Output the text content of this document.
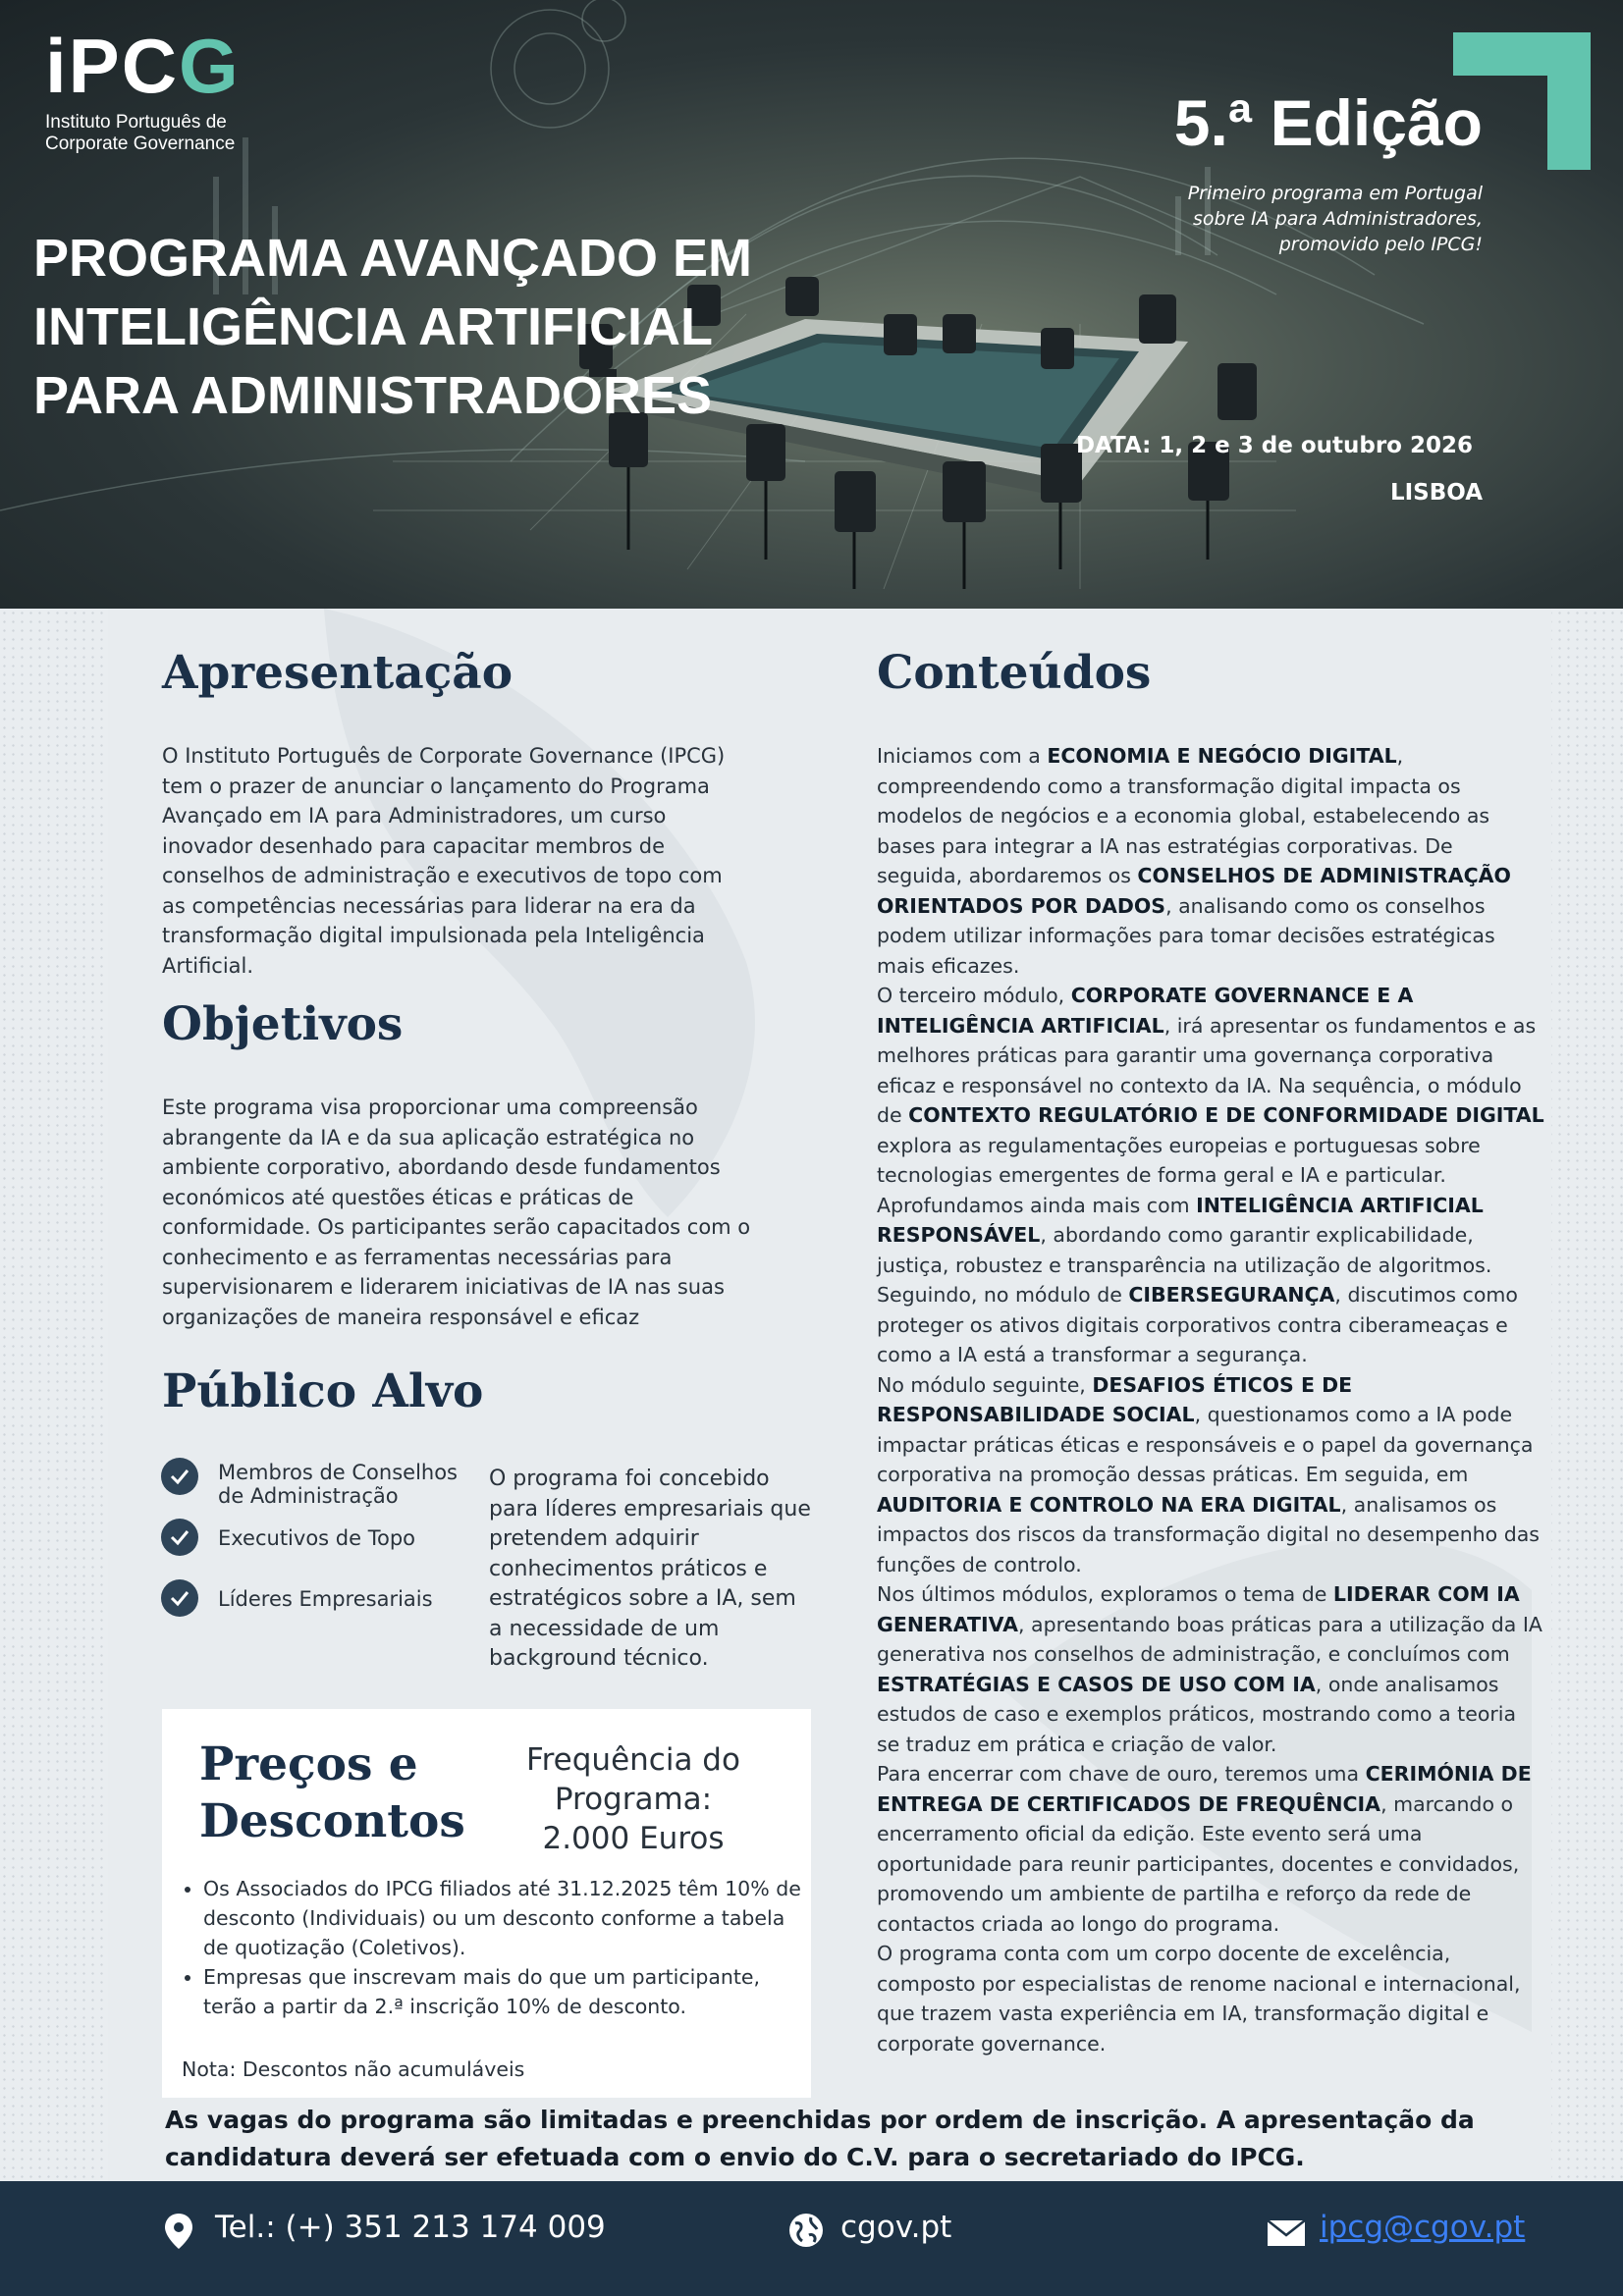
iPCG
Instituto Português de
Corporate Governance
PROGRAMA AVANÇADO EM
INTELIGÊNCIA ARTIFICIAL
PARA ADMINISTRADORES
5.ª Edição
Primeiro programa em Portugal
sobre IA para Administradores,
promovido pelo IPCG!
DATA: 1, 2 e 3 de outubro 2026
LISBOA
Apresentação
O Instituto Português de Corporate Governance (IPCG) tem o prazer de anunciar o lançamento do Programa Avançado em IA para Administradores, um curso inovador desenhado para capacitar membros de conselhos de administração e executivos de topo com as competências necessárias para liderar na era da transformação digital impulsionada pela Inteligência Artificial.
Objetivos
Este programa visa proporcionar uma compreensão abrangente da IA e da sua aplicação estratégica no ambiente corporativo, abordando desde fundamentos económicos até questões éticas e práticas de conformidade. Os participantes serão capacitados com o conhecimento e as ferramentas necessárias para supervisionarem e liderarem iniciativas de IA nas suas organizações de maneira responsável e eficaz
Público Alvo
Membros de Conselhos de Administração
Executivos de Topo
Líderes Empresariais
O programa foi concebido para líderes empresariais que pretendem adquirir conhecimentos práticos e estratégicos sobre a IA, sem a necessidade de um background técnico.
Preços e
Descontos
Frequência do
Programa:
2.000 Euros
• Os Associados do IPCG filiados até 31.12.2025 têm 10% de desconto (Individuais) ou um desconto conforme a tabela de quotização (Coletivos).
• Empresas que inscrevam mais do que um participante, terão a partir da 2.ª inscrição 10% de desconto.
Nota: Descontos não acumuláveis
Conteúdos
Iniciamos com a ECONOMIA E NEGÓCIO DIGITAL, compreendendo como a transformação digital impacta os modelos de negócios e a economia global, estabelecendo as bases para integrar a IA nas estratégias corporativas. De seguida, abordaremos os CONSELHOS DE ADMINISTRAÇÃO ORIENTADOS POR DADOS, analisando como os conselhos podem utilizar informações para tomar decisões estratégicas mais eficazes.
O terceiro módulo, CORPORATE GOVERNANCE E A INTELIGÊNCIA ARTIFICIAL, irá apresentar os fundamentos e as melhores práticas para garantir uma governança corporativa eficaz e responsável no contexto da IA. Na sequência, o módulo de CONTEXTO REGULATÓRIO E DE CONFORMIDADE DIGITAL explora as regulamentações europeias e portuguesas sobre tecnologias emergentes de forma geral e IA e particular.
Aprofundamos ainda mais com INTELIGÊNCIA ARTIFICIAL RESPONSÁVEL, abordando como garantir explicabilidade, justiça, robustez e transparência na utilização de algoritmos.
Seguindo, no módulo de CIBERSEGURANÇA, discutimos como proteger os ativos digitais corporativos contra ciberameaças e como a IA está a transformar a segurança.
No módulo seguinte, DESAFIOS ÉTICOS E DE RESPONSABILIDADE SOCIAL, questionamos como a IA pode impactar práticas éticas e responsáveis e o papel da governança corporativa na promoção dessas práticas. Em seguida, em AUDITORIA E CONTROLO NA ERA DIGITAL, analisamos os impactos dos riscos da transformação digital no desempenho das funções de controlo.
Nos últimos módulos, exploramos o tema de LIDERAR COM IA GENERATIVA, apresentando boas práticas para a utilização da IA generativa nos conselhos de administração, e concluímos com ESTRATÉGIAS E CASOS DE USO COM IA, onde analisamos estudos de caso e exemplos práticos, mostrando como a teoria se traduz em prática e criação de valor.
Para encerrar com chave de ouro, teremos uma CERIMÓNIA DE ENTREGA DE CERTIFICADOS DE FREQUÊNCIA, marcando o encerramento oficial da edição. Este evento será uma oportunidade para reunir participantes, docentes e convidados, promovendo um ambiente de partilha e reforço da rede de contactos criada ao longo do programa.
O programa conta com um corpo docente de excelência, composto por especialistas de renome nacional e internacional, que trazem vasta experiência em IA, transformação digital e corporate governance.
As vagas do programa são limitadas e preenchidas por ordem de inscrição. A apresentação da candidatura deverá ser efetuada com o envio do C.V. para o secretariado do IPCG.
Tel.: (+) 351 213 174 009	cgov.pt	ipcg@cgov.pt
